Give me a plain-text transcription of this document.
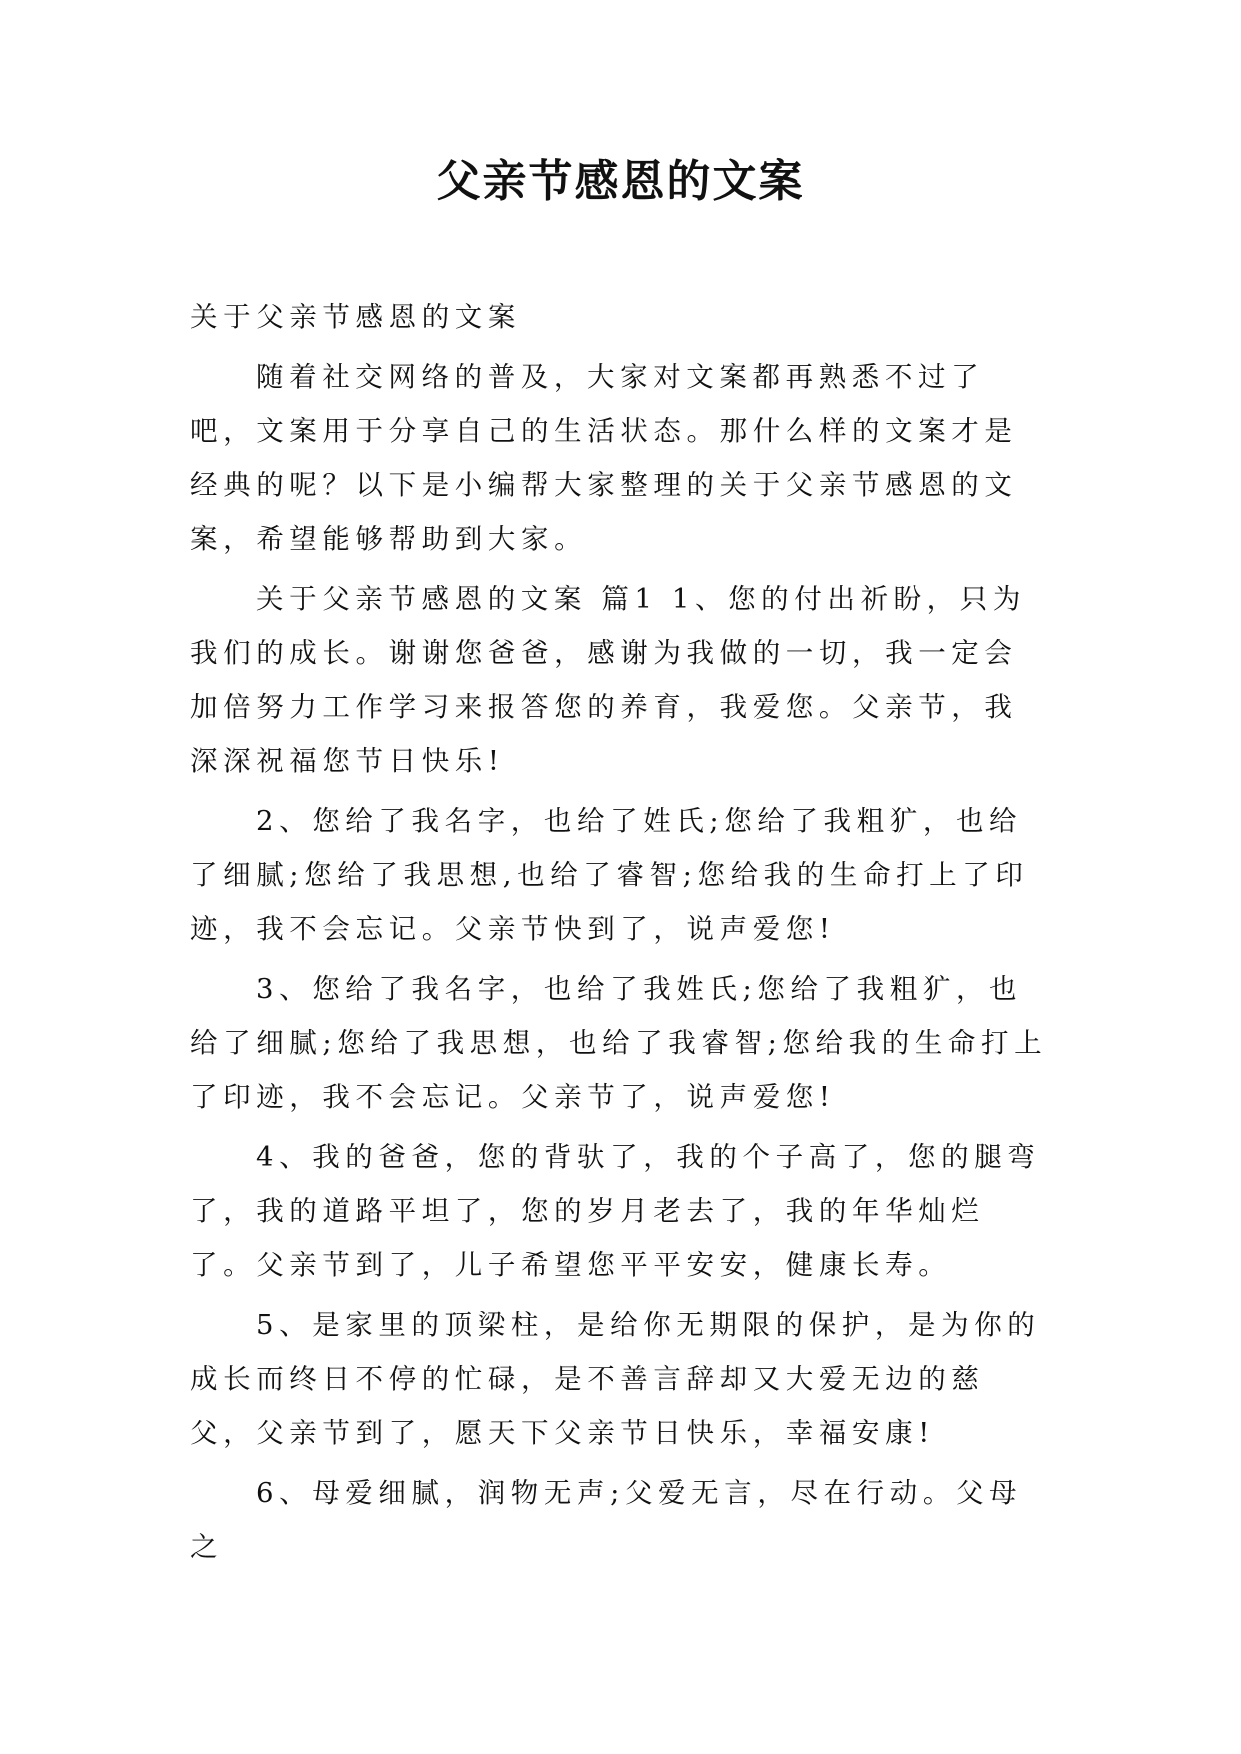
父亲节感恩的文案

关于父亲节感恩的文案

随着社交网络的普及，大家对文案都再熟悉不过了吧，文案用于分享自己的生活状态。那什么样的文案才是经典的呢？以下是小编帮大家整理的关于父亲节感恩的文案，希望能够帮助到大家。

关于父亲节感恩的文案 篇1 1、您的付出祈盼，只为我们的成长。谢谢您爸爸，感谢为我做的一切，我一定会加倍努力工作学习来报答您的养育，我爱您。父亲节，我深深祝福您节日快乐!

2、您给了我名字，也给了姓氏;您给了我粗犷，也给了细腻;您给了我思想,也给了睿智;您给我的生命打上了印迹，我不会忘记。父亲节快到了，说声爱您!

3、您给了我名字，也给了我姓氏;您给了我粗犷，也给了细腻;您给了我思想，也给了我睿智;您给我的生命打上了印迹，我不会忘记。父亲节了，说声爱您!

4、我的爸爸，您的背驮了，我的个子高了，您的腿弯了，我的道路平坦了，您的岁月老去了，我的年华灿烂了。父亲节到了，儿子希望您平平安安，健康长寿。

5、是家里的顶梁柱，是给你无期限的保护，是为你的成长而终日不停的忙碌，是不善言辞却又大爱无边的慈父，父亲节到了，愿天下父亲节日快乐，幸福安康!

6、母爱细腻，润物无声;父爱无言，尽在行动。父母之
